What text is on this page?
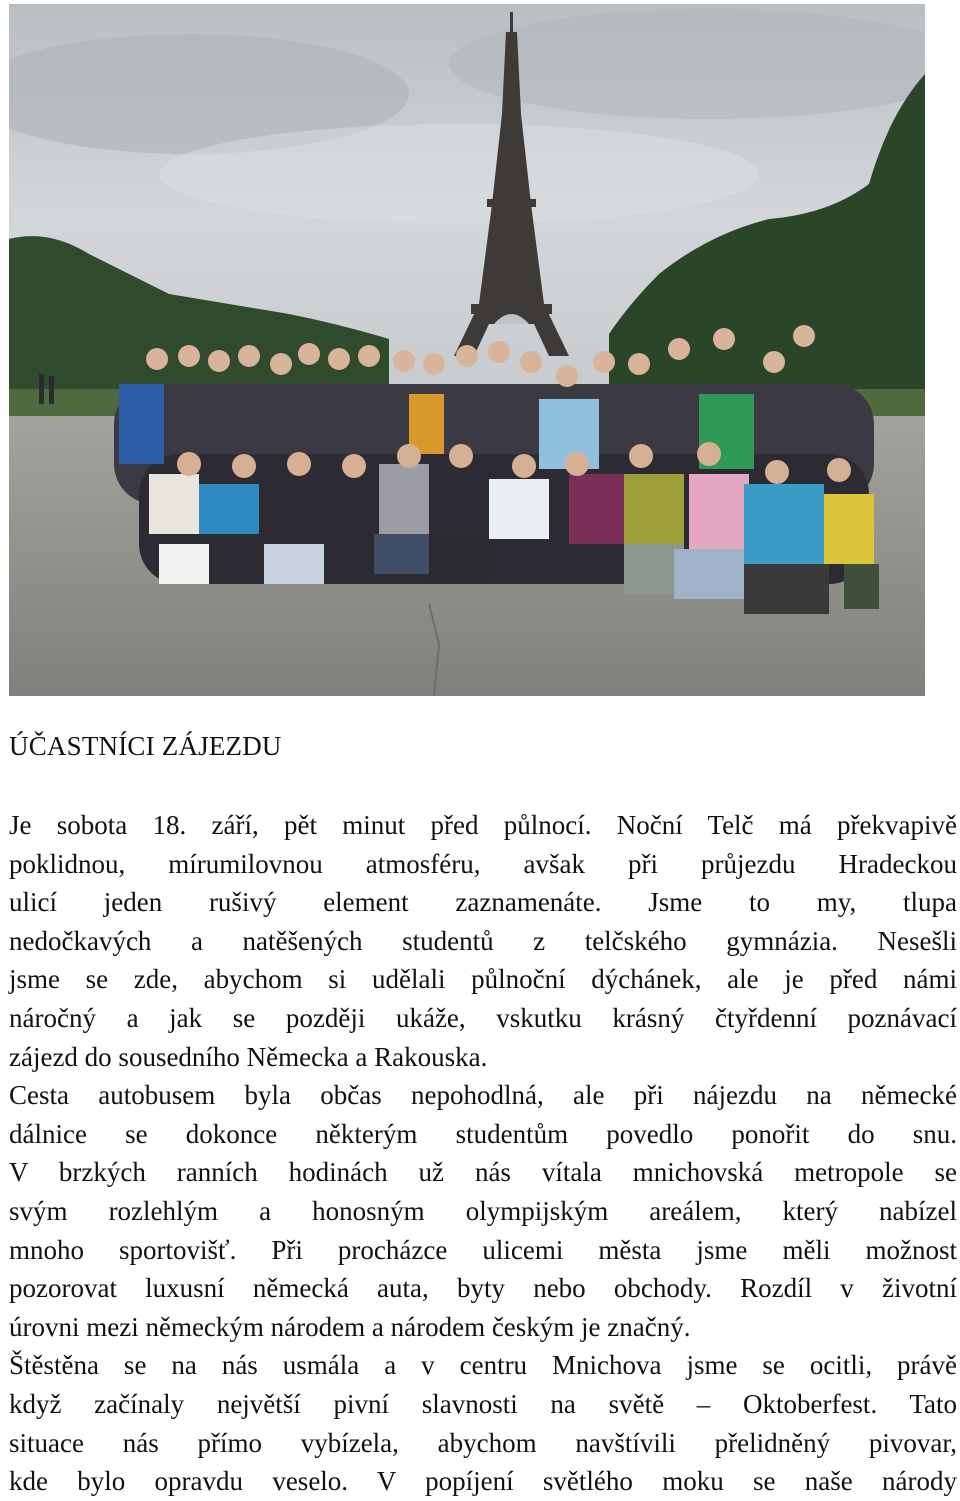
ÚČASTNÍCI ZÁJEZDU
Je sobota 18. září, pět minut před půlnocí. Noční Telč má překvapivě
poklidnou, mírumilovnou atmosféru, avšak při průjezdu Hradeckou
ulicí jeden rušivý element zaznamenáte. Jsme to my, tlupa
nedočkavých a natěšených studentů z telčského gymnázia. Nesešli
jsme se zde, abychom si udělali půlnoční dýchánek, ale je před námi
náročný a jak se později ukáže, vskutku krásný čtyřdenní poznávací
zájezd do sousedního Německa a Rakouska.
Cesta autobusem byla občas nepohodlná, ale při nájezdu na německé
dálnice se dokonce některým studentům povedlo ponořit do snu.
V brzkých ranních hodinách už nás vítala mnichovská metropole se
svým rozlehlým a honosným olympijským areálem, který nabízel
mnoho sportovišť. Při procházce ulicemi města jsme měli možnost
pozorovat luxusní německá auta, byty nebo obchody. Rozdíl v životní
úrovni mezi německým národem a národem českým je značný.
Štěstěna se na nás usmála a v centru Mnichova jsme se ocitli, právě
když začínaly největší pivní slavnosti na světě – Oktoberfest. Tato
situace nás přímo vybízela, abychom navštívili přelidněný pivovar,
kde bylo opravdu veselo. V popíjení světlého moku se naše národy
